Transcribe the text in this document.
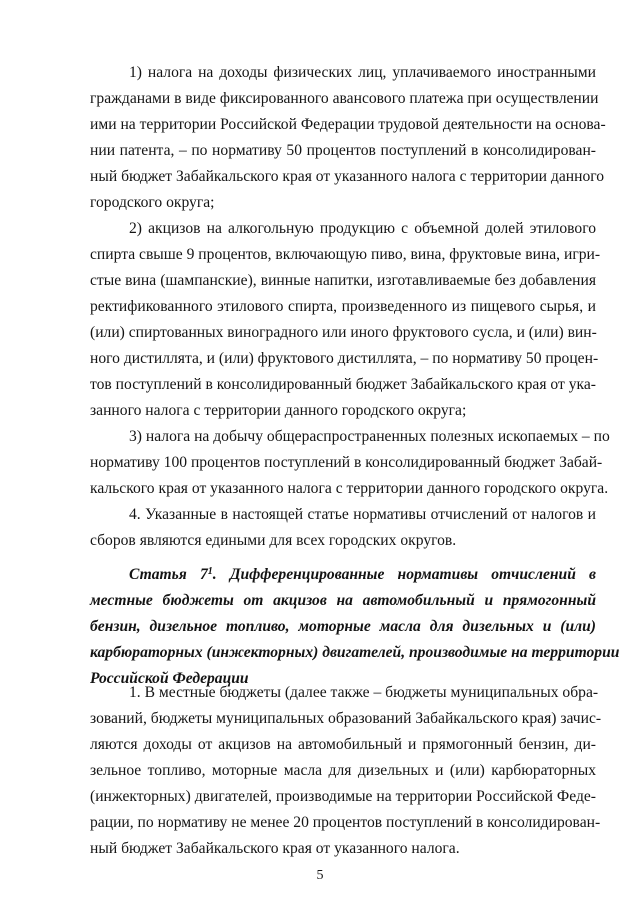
1) налога на доходы физических лиц, уплачиваемого иностранными
гражданами в виде фиксированного авансового платежа при осуществлении
ими на территории Российской Федерации трудовой деятельности на основа-
нии патента, – по нормативу 50 процентов поступлений в консолидирован-
ный бюджет Забайкальского края от указанного налога с территории данного
городского округа;
2) акцизов на алкогольную продукцию с объемной долей этилового
спирта свыше 9 процентов, включающую пиво, вина, фруктовые вина, игри-
стые вина (шампанские), винные напитки, изготавливаемые без добавления
ректификованного этилового спирта, произведенного из пищевого сырья, и
(или) спиртованных виноградного или иного фруктового сусла, и (или) вин-
ного дистиллята, и (или) фруктового дистиллята, – по нормативу 50 процен-
тов поступлений в консолидированный бюджет Забайкальского края от ука-
занного налога с территории данного городского округа;
3) налога на добычу общераспространенных полезных ископаемых – по
нормативу 100 процентов поступлений в консолидированный бюджет Забай-
кальского края от указанного налога с территории данного городского округа.
4. Указанные в настоящей статье нормативы отчислений от налогов и
сборов являются едиными для всех городских округов.
Статья $7^1$. Дифференцированные нормативы отчислений в
местные бюджеты от акцизов на автомобильный и прямогонный
бензин, дизельное топливо, моторные масла для дизельных и (или)
карбюраторных (инжекторных) двигателей, производимые на территории
Российской Федерации
1. В местные бюджеты (далее также – бюджеты муниципальных обра-
зований, бюджеты муниципальных образований Забайкальского края) зачис-
ляются доходы от акцизов на автомобильный и прямогонный бензин, ди-
зельное топливо, моторные масла для дизельных и (или) карбюраторных
(инжекторных) двигателей, производимые на территории Российской Феде-
рации, по нормативу не менее 20 процентов поступлений в консолидирован-
ный бюджет Забайкальского края от указанного налога.
5
